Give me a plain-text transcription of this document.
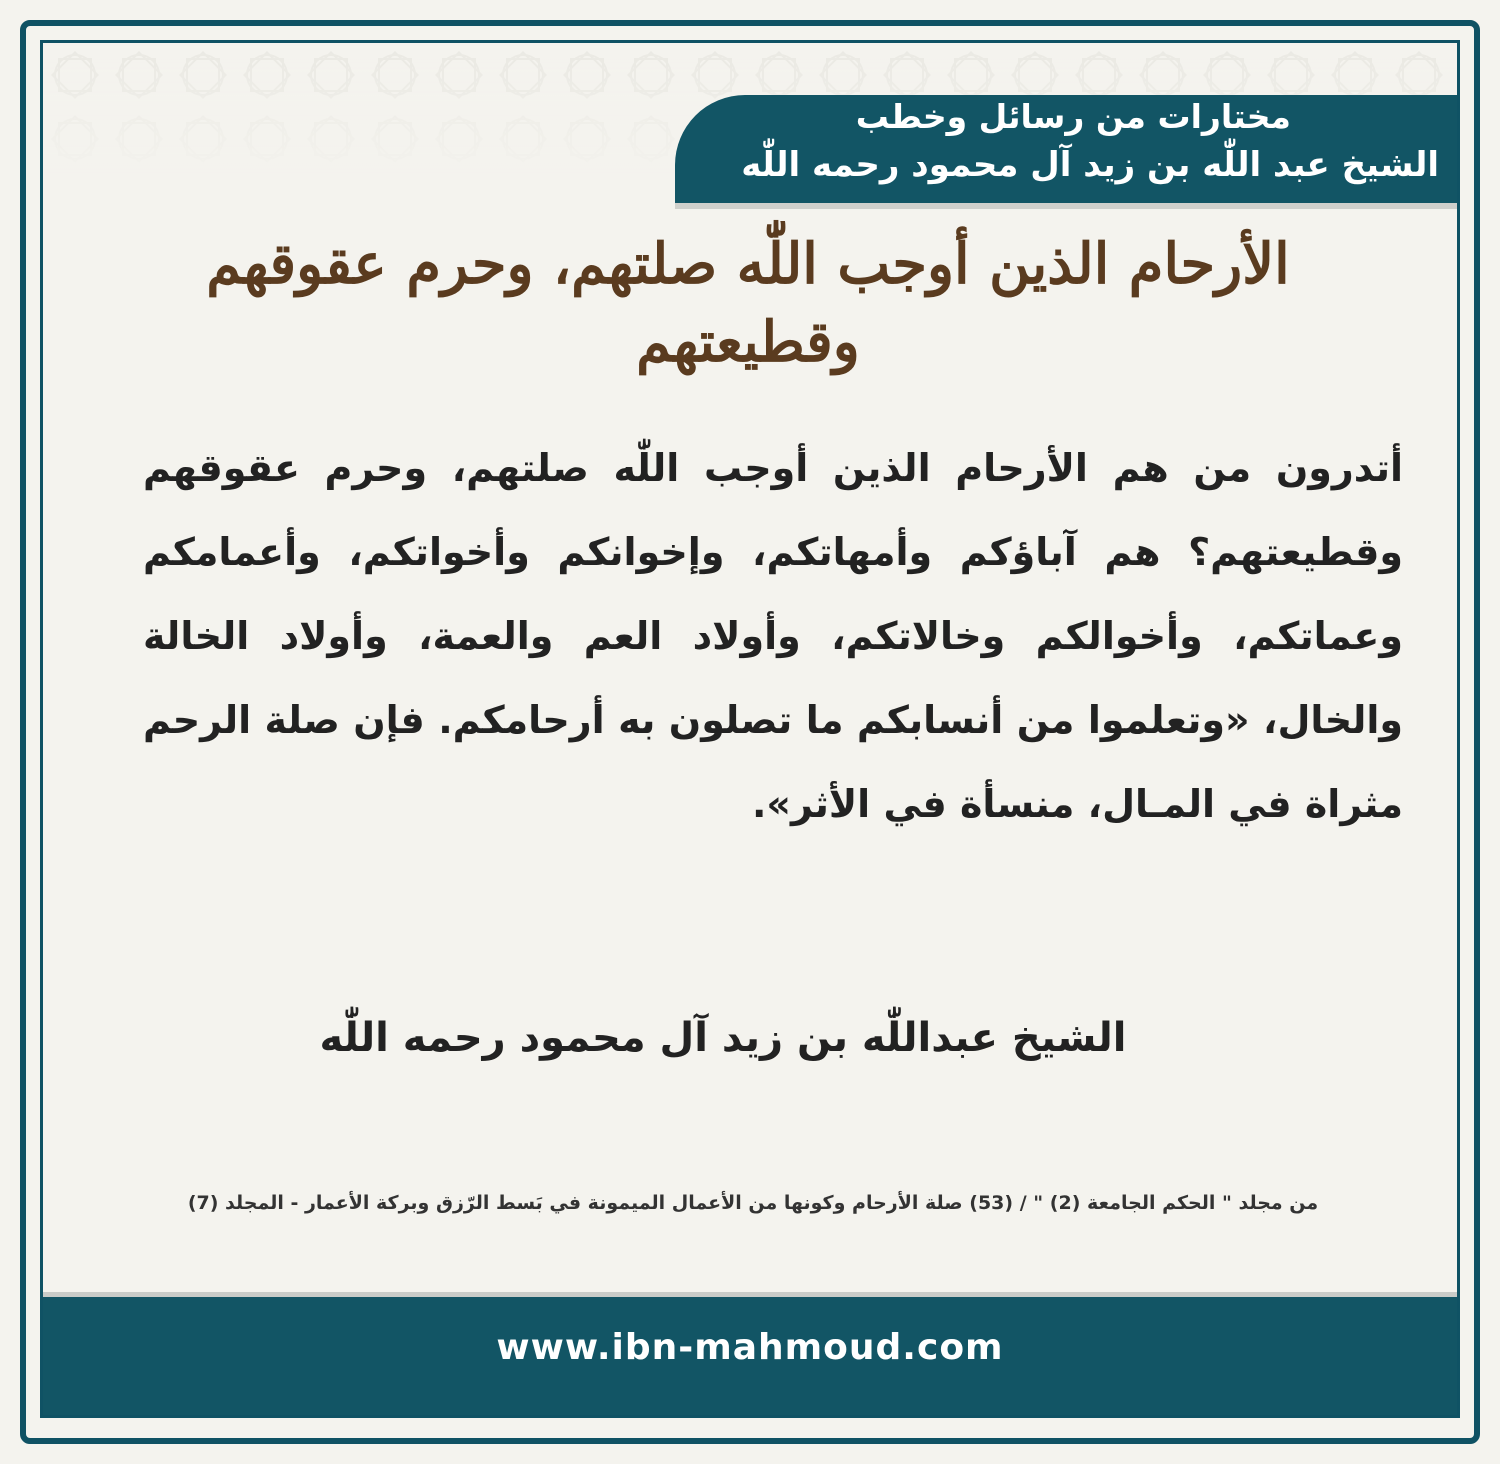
مختارات من رسائل وخطب
الشيخ عبد اللّٰه بن زيد آل محمود رحمه اللّٰه
الأرحام الذين أوجب اللّٰه صلتهم، وحرم عقوقهم وقطيعتهم
أتدرون من هم الأرحام الذين أوجب اللّٰه صلتهم، وحرم عقوقهم وقطيعتهم؟ هم آباؤكم وأمهاتكم، وإخوانكم وأخواتكم، وأعمامكم وعماتكم، وأخوالكم وخالاتكم، وأولاد العم والعمة، وأولاد الخالة والخال، «وتعلموا من أنسابكم ما تصلون به أرحامكم. فإن صلة الرحم مثراة في المـال، منسأة في الأثر».
الشيخ عبداللّٰه بن زيد آل محمود رحمه اللّٰه
من مجلد " الحكم الجامعة (2) " / (53) صلة الأرحام وكونها من الأعمال الميمونة في بَسط الرّزق وبركة الأعمار - المجلد (7)
www.ibn-mahmoud.com
